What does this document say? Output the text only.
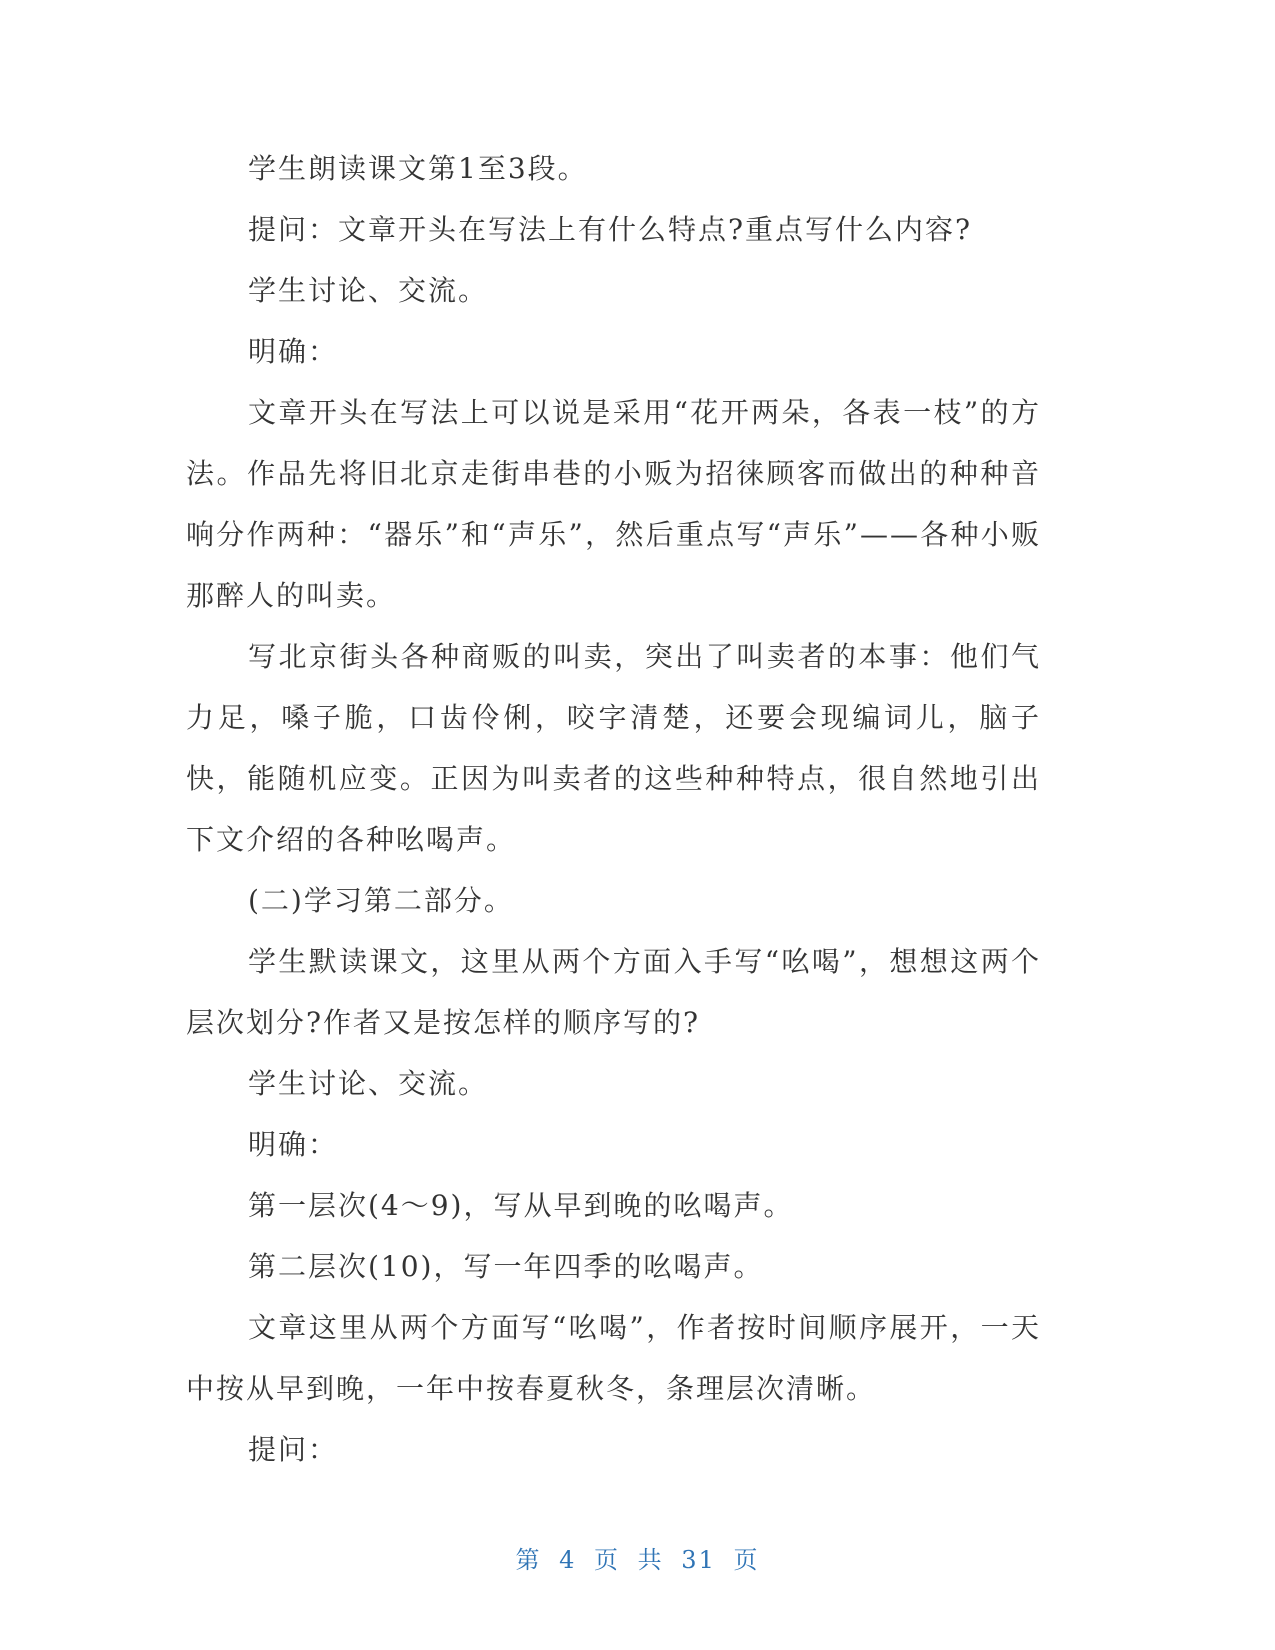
学生朗读课文第1至3段。

提问：文章开头在写法上有什么特点?重点写什么内容?

学生讨论、交流。

明确：

文章开头在写法上可以说是采用“花开两朵，各表一枝”的方法。作品先将旧北京走街串巷的小贩为招徕顾客而做出的种种音响分作两种：“器乐”和“声乐”，然后重点写“声乐”——各种小贩那醉人的叫卖。

写北京街头各种商贩的叫卖，突出了叫卖者的本事：他们气力足，嗓子脆，口齿伶俐，咬字清楚，还要会现编词儿，脑子快，能随机应变。正因为叫卖者的这些种种特点，很自然地引出下文介绍的各种吆喝声。

(二)学习第二部分。

学生默读课文，这里从两个方面入手写“吆喝”，想想这两个层次划分?作者又是按怎样的顺序写的?

学生讨论、交流。

明确：

第一层次(4～9)，写从早到晚的吆喝声。

第二层次(10)，写一年四季的吆喝声。

文章这里从两个方面写“吆喝”，作者按时间顺序展开，一天中按从早到晚，一年中按春夏秋冬，条理层次清晰。

提问：

第 4 页 共 31 页
